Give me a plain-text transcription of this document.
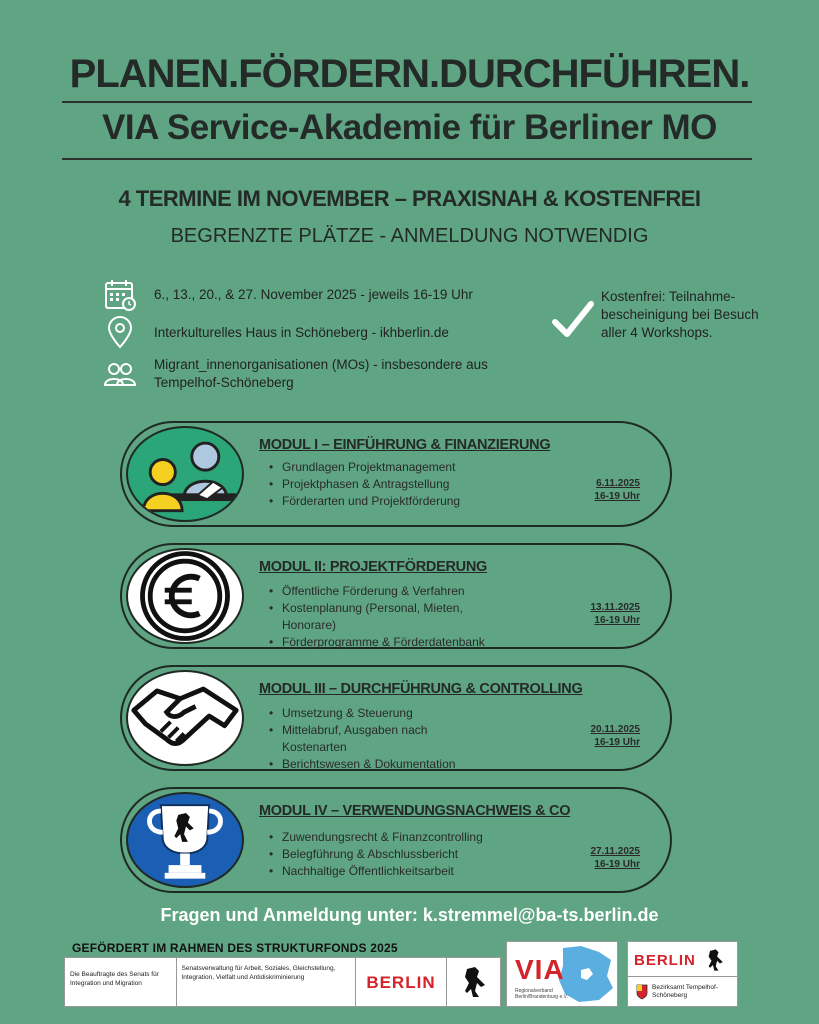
PLANEN.FÖRDERN.DURCHFÜHREN.
VIA Service-Akademie für Berliner MO
4 TERMINE IM NOVEMBER – PRAXISNAH & KOSTENFREI
BEGRENZTE PLÄTZE - ANMELDUNG NOTWENDIG
6., 13., 20., & 27. November 2025 - jeweils 16-19 Uhr
Interkulturelles Haus in Schöneberg - ikhberlin.de
Migrant_innenorganisationen (MOs) - insbesondere aus Tempelhof-Schöneberg
Kostenfrei: Teilnahme-bescheinigung bei Besuch aller 4 Workshops.
MODUL I – EINFÜHRUNG & FINANZIERUNG
• Grundlagen Projektmanagement
• Projektphasen & Antragstellung
• Förderarten und Projektförderung
6.11.2025
16-19 Uhr
MODUL II: PROJEKTFÖRDERUNG
• Öffentliche Förderung & Verfahren
• Kostenplanung (Personal, Mieten, Honorare)
• Förderprogramme & Förderdatenbank
13.11.2025
16-19 Uhr
MODUL III – DURCHFÜHRUNG & CONTROLLING
• Umsetzung & Steuerung
• Mittelabruf, Ausgaben nach Kostenarten
• Berichtswesen & Dokumentation
20.11.2025
16-19 Uhr
MODUL IV – VERWENDUNGSNACHWEIS & CO
• Zuwendungsrecht & Finanzcontrolling
• Belegführung & Abschlussbericht
• Nachhaltige Öffentlichkeitsarbeit
27.11.2025
16-19 Uhr
Fragen und Anmeldung unter: k.stremmel@ba-ts.berlin.de
GEFÖRDERT IM RAHMEN DES STRUKTURFONDS 2025
Die Beauftragte des Senats für Integration und Migration
Senatsverwaltung für Arbeit, Soziales, Gleichstellung, Integration, Vielfalt und Antidiskriminierung	BERLIN	VIA
Regionalverband Berlin/Brandenburg e.V.
BERLIN
Bezirksamt Tempelhof-Schöneberg
